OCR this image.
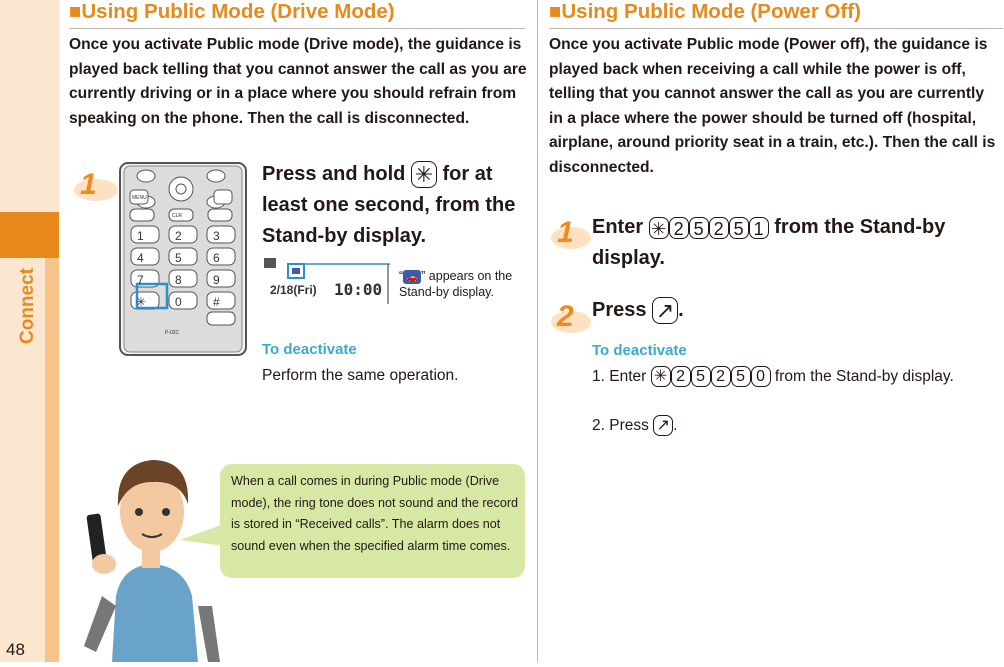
Connect
48
■Using Public Mode (Drive Mode)
Once you activate Public mode (Drive mode), the guidance is played back telling that you cannot answer the call as you are currently driving or in a place where you should refrain from speaking on the phone. Then the call is disconnected.
1
1	2	3
4	5	6
7	8	9
✳ 0	#
MENU
CLR
P-02C
Press and hold ✳ for at least one second, from the Stand-by display.
2/18(Fri) 10:00
“ 🚗 ” appears on the Stand-by display.
To deactivate
Perform the same operation.
When a call comes in during Public mode (Drive mode), the ring tone does not sound and the record is stored in “Received calls”. The alarm does not sound even when the specified alarm time comes.
■Using Public Mode (Power Off)
Once you activate Public mode (Power off), the guidance is played back when receiving a call while the power is off, telling that you cannot answer the call as you are currently in a place where the power should be turned off (hospital, airplane, around priority seat in a train, etc.). Then the call is disconnected.
1 Enter ✳ 2 5 2 5 1 from the Stand-by display.
2 Press ↗ .
To deactivate
1. Enter ✳ 2 5 2 5 0 from the Stand-by display.
2. Press ↗ .
